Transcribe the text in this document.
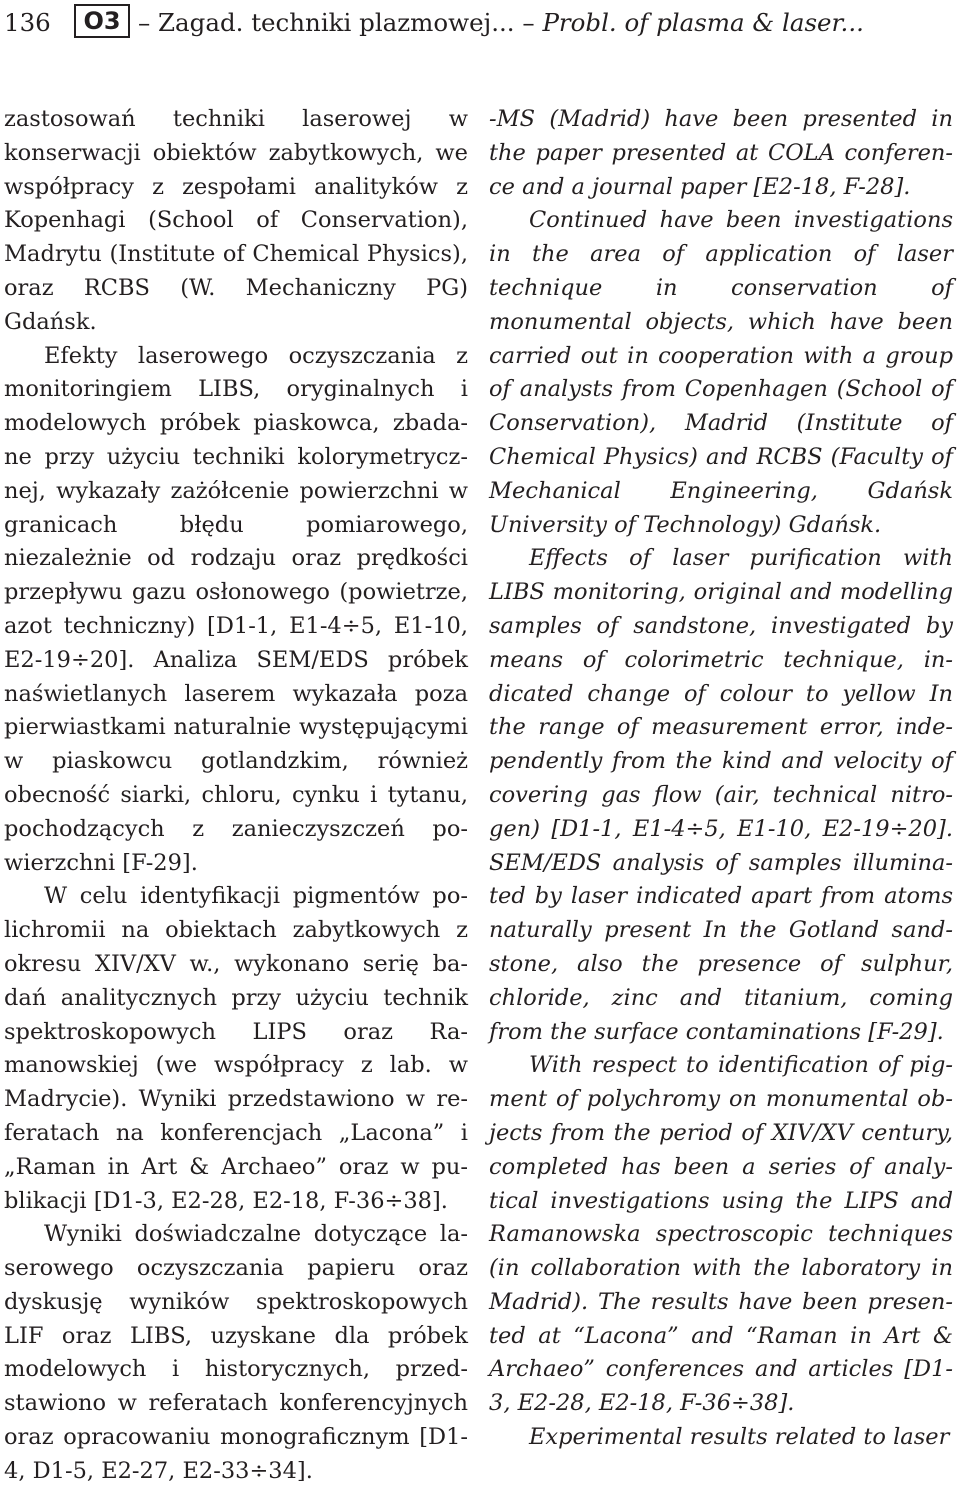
136	O3 – Zagad. techniki plazmowej... – Probl. of plasma & laser...

zastosowań techniki laserowej w konserwacji obiektów zabytkowych, we współpracy z zespołami analityków z Kopenhagi (School of Conservation), Madrytu (Institute of Chemical Physics), oraz RCBS (W. Mechaniczny PG) Gdańsk.

Efekty laserowego oczyszczania z monitoringiem LIBS, oryginalnych i modelowych próbek piaskowca, zbadane przy użyciu techniki kolorymetrycznej, wykazały zażółcenie powierzchni w granicach błędu pomiarowego, niezależnie od rodzaju oraz prędkości przepływu gazu osłonowego (powietrze, azot techniczny) [D1-1, E1-4÷5, E1-10, E2-19÷20]. Analiza SEM/EDS próbek naświetlanych laserem wykazała poza pierwiastkami naturalnie występującymi w piaskowcu gotlandzkim, również obecność siarki, chloru, cynku i tytanu, pochodzących z zanieczyszczeń powierzchni [F-29].

W celu identyfikacji pigmentów polichromii na obiektach zabytkowych z okresu XIV/XV w., wykonano serię badań analitycznych przy użyciu technik spektroskopowych LIPS oraz Ramanowskiej (we współpracy z lab. w Madrycie). Wyniki przedstawiono w referatach na konferencjach „Lacona” i „Raman in Art & Archaeo” oraz w publikacji [D1-3, E2-28, E2-18, F-36÷38].

Wyniki doświadczalne dotyczące laserowego oczyszczania papieru oraz dyskusję wyników spektroskopowych LIF oraz LIBS, uzyskane dla próbek modelowych i historycznych, przedstawiono w referatach konferencyjnych oraz opracowaniu monograficznym [D1-4, D1-5, E2-27, E2-33÷34].

-MS (Madrid) have been presented in the paper presented at COLA conference and a journal paper [E2-18, F-28].

Continued have been investigations in the area of application of laser technique in conservation of monumental objects, which have been carried out in cooperation with a group of analysts from Copenhagen (School of Conservation), Madrid (Institute of Chemical Physics) and RCBS (Faculty of Mechanical Engineering, Gdańsk University of Technology) Gdańsk.

Effects of laser purification with LIBS monitoring, original and modelling samples of sandstone, investigated by means of colorimetric technique, indicated change of colour to yellow In the range of measurement error, independently from the kind and velocity of covering gas flow (air, technical nitrogen) [D1-1, E1-4÷5, E1-10, E2-19÷20]. SEM/EDS analysis of samples illuminated by laser indicated apart from atoms naturally present In the Gotland sandstone, also the presence of sulphur, chloride, zinc and titanium, coming from the surface contaminations [F-29].

With respect to identification of pigment of polychromy on monumental objects from the period of XIV/XV century, completed has been a series of analytical investigations using the LIPS and Ramanowska spectroscopic techniques (in collaboration with the laboratory in Madrid). The results have been presented at “Lacona” and “Raman in Art & Archaeo” conferences and articles [D1-3, E2-28, E2-18, F-36÷38].

Experimental results related to laser
